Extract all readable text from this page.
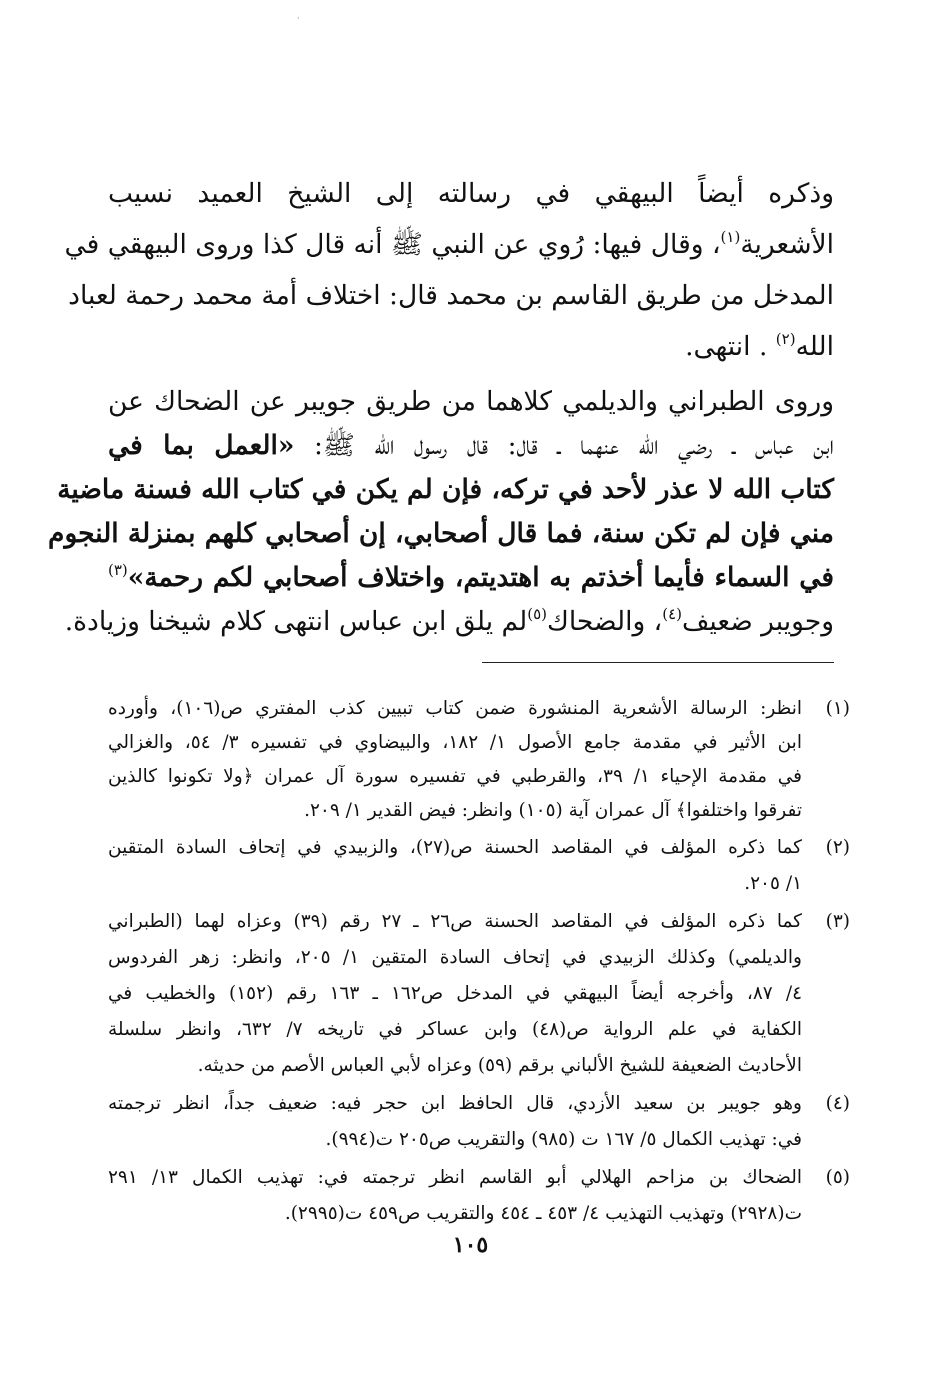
·
وذكره أيضاً البيهقي في رسالته إلى الشيخ العميد نسيب
الأشعرية$^{(١)}$، وقال فيها: رُوي عن النبي ﷺ أنه قال كذا وروى البيهقي في
المدخل من طريق القاسم بن محمد قال: اختلاف أمة محمد رحمة لعباد
الله$^{(٢)}$ . انتهى.
وروى الطبراني والديلمي كلاهما من طريق جويبر عن الضحاك عن
ابن عباس ـ رضي الله عنهما ـ قال: قال رسول الله ﷺ: «العمل بما في
كتاب الله لا عذر لأحد في تركه، فإن لم يكن في كتاب الله فسنة ماضية
مني فإن لم تكن سنة، فما قال أصحابي، إن أصحابي كلهم بمنزلة النجوم
في السماء فأيما أخذتم به اهتديتم، واختلاف أصحابي لكم رحمة»$^{(٣)}$
وجويبر ضعيف$^{(٤)}$، والضحاك$^{(٥)}$لم يلق ابن عباس انتهى كلام شيخنا وزيادة.
(١)
انظر: الرسالة الأشعرية المنشورة ضمن كتاب تبيين كذب المفتري ص(١٠٦)، وأورده
ابن الأثير في مقدمة جامع الأصول ١/ ١٨٢، والبيضاوي في تفسيره ٣/ ٥٤، والغزالي
في مقدمة الإحياء ١/ ٣٩، والقرطبي في تفسيره سورة آل عمران ﴿ولا تكونوا كالذين
تفرقوا واختلفوا﴾ آل عمران آية (١٠٥) وانظر: فيض القدير ١/ ٢٠٩.
(٢)
كما ذكره المؤلف في المقاصد الحسنة ص(٢٧)، والزبيدي في إتحاف السادة المتقين
١/ ٢٠٥.
(٣)
كما ذكره المؤلف في المقاصد الحسنة ص٢٦ ـ ٢٧ رقم (٣٩) وعزاه لهما (الطبراني
والديلمي) وكذلك الزبيدي في إتحاف السادة المتقين ١/ ٢٠٥، وانظر: زهر الفردوس
٤/ ٨٧، وأخرجه أيضاً البيهقي في المدخل ص١٦٢ ـ ١٦٣ رقم (١٥٢) والخطيب في
الكفاية في علم الرواية ص(٤٨) وابن عساكر في تاريخه ٧/ ٦٣٢، وانظر سلسلة
الأحاديث الضعيفة للشيخ الألباني برقم (٥٩) وعزاه لأبي العباس الأصم من حديثه.
(٤)
وهو جويبر بن سعيد الأزدي، قال الحافظ ابن حجر فيه: ضعيف جداً، انظر ترجمته
في: تهذيب الكمال ٥/ ١٦٧ ت (٩٨٥) والتقريب ص٢٠٥ ت(٩٩٤).
(٥)
الضحاك بن مزاحم الهلالي أبو القاسم انظر ترجمته في: تهذيب الكمال ١٣/ ٢٩١
ت(٢٩٢٨) وتهذيب التهذيب ٤/ ٤٥٣ ـ ٤٥٤ والتقريب ص٤٥٩ ت(٢٩٩٥).
١٠٥
